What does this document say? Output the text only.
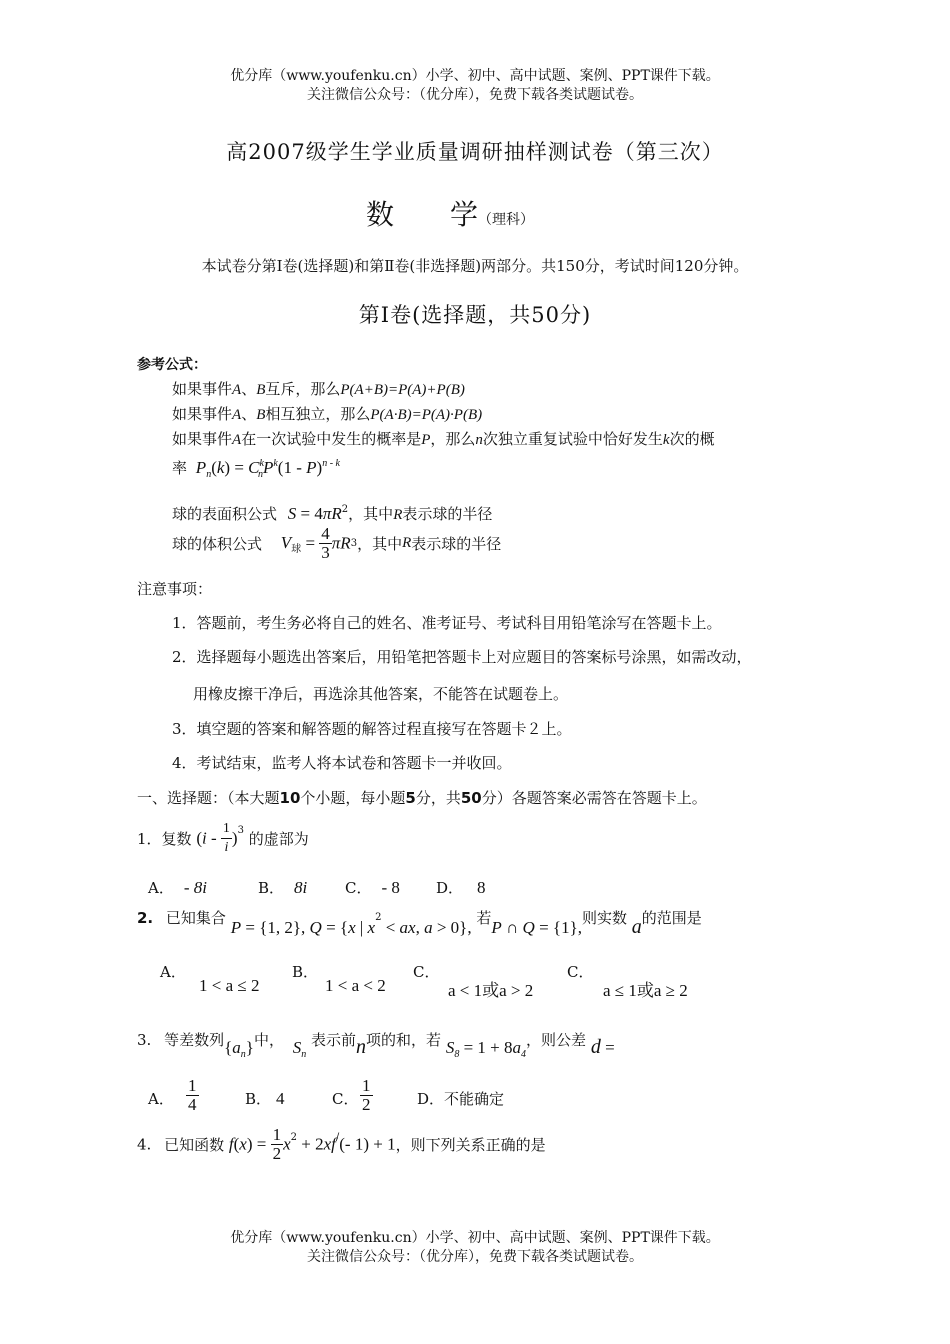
优分库（www.youfenku.cn）小学、初中、高中试题、案例、PPT课件下载。
关注微信公众号：（优分库），免费下载各类试题试卷。
高2007级学生学业质量调研抽样测试卷（第三次）
数　　学（理科）
本试卷分第Ⅰ卷(选择题)和第Ⅱ卷(非选择题)两部分。共150分，考试时间120分钟。
第Ⅰ卷(选择题，共50分)
参考公式：
如果事件A、B互斥，那么P(A+B)=P(A)+P(B)
如果事件A、B相互独立，那么P(A·B)=P(A)·P(B)
如果事件A在一次试验中发生的概率是P，那么n次独立重复试验中恰好发生k次的概
率 $P_n(k) = C^k_nP^k(1 - P)^{n - k}$
球的表面积公式 $S = 4\pi R^2$，其中R表示球的半径
球的体积公式 $V_球 = \frac{4}{3} \pi R3$，其中R表示球的半径
注意事项：
1．答题前，考生务必将自己的姓名、准考证号、考试科目用铅笔涂写在答题卡上。
2．选择题每小题选出答案后，用铅笔把答题卡上对应题目的答案标号涂黑，如需改动，
用橡皮擦干净后，再选涂其他答案，不能答在试题卷上。
3．填空题的答案和解答题的解答过程直接写在答题卡２上。
4．考试结束，监考人将本试卷和答题卡一并收回。
一、选择题：（本大题10个小题，每小题5分，共50分）各题答案必需答在答题卡上。
1．复数 $(i - \frac{1}{i} )^3$ 的虚部为
A． - 8i	B． 8i	C． - 8 D． 8
2. 已知集合 P = {1, 2}, Q = {x | $x^2$ < ax, a > 0}, 若P ∩ Q = {1},则实数 a的范围是
A．
1 < a ≤ 2
B．
1 < a < 2
C．
a < 1或a > 2
C．
a ≤ 1或a ≥ 2
3. 等差数列$\{a_n\}$中， $S_n$ 表示前n项的和，若 $S_8 = 1 + 8a_4$，则公差 d =
A． $\frac{1}{4}$	B． 4	C． $\frac{1}{2}$	D．不能确定
4. 已知函数 $f(x) = \frac{1}{2} x^2 + 2xf^/(-$ 1) + 1，则下列关系正确的是
优分库（www.youfenku.cn）小学、初中、高中试题、案例、PPT课件下载。
关注微信公众号：（优分库），免费下载各类试题试卷。
